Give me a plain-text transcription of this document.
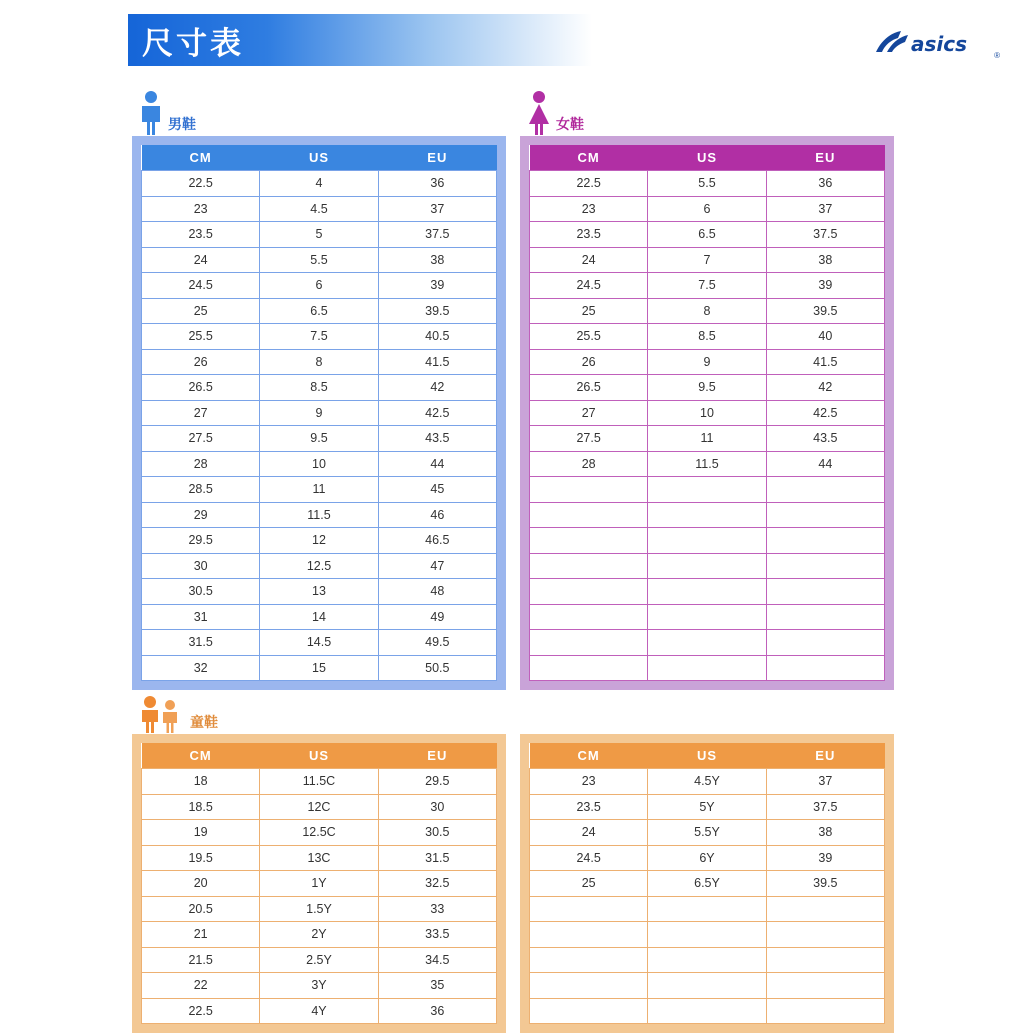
尺寸表	asics	®
男鞋
CM	US	EU
22.5	4	36
23	4.5	37
23.5	5	37.5
24	5.5	38
24.5	6	39
25	6.5	39.5
25.5	7.5	40.5
26	8	41.5
26.5	8.5	42
27	9	42.5
27.5	9.5	43.5
28	10	44
28.5	11	45
29	11.5	46
29.5	12	46.5
30	12.5	47
30.5	13	48
31	14	49
31.5	14.5	49.5
32	15	50.5
女鞋
CM	US	EU
22.5	5.5	36
23	6	37
23.5	6.5	37.5
24	7	38
24.5	7.5	39
25	8	39.5
25.5	8.5	40
26	9	41.5
26.5	9.5	42
27	10	42.5
27.5	11	43.5
28	11.5	44

童鞋
CM	US	EU
18	11.5C	29.5
18.5	12C	30
19	12.5C	30.5
19.5	13C	31.5
20	1Y	32.5
20.5	1.5Y	33
21	2Y	33.5
21.5	2.5Y	34.5
22	3Y	35
22.5	4Y	36
CM	US	EU
23	4.5Y	37
23.5	5Y	37.5
24	5.5Y	38
24.5	6Y	39
25	6.5Y	39.5
